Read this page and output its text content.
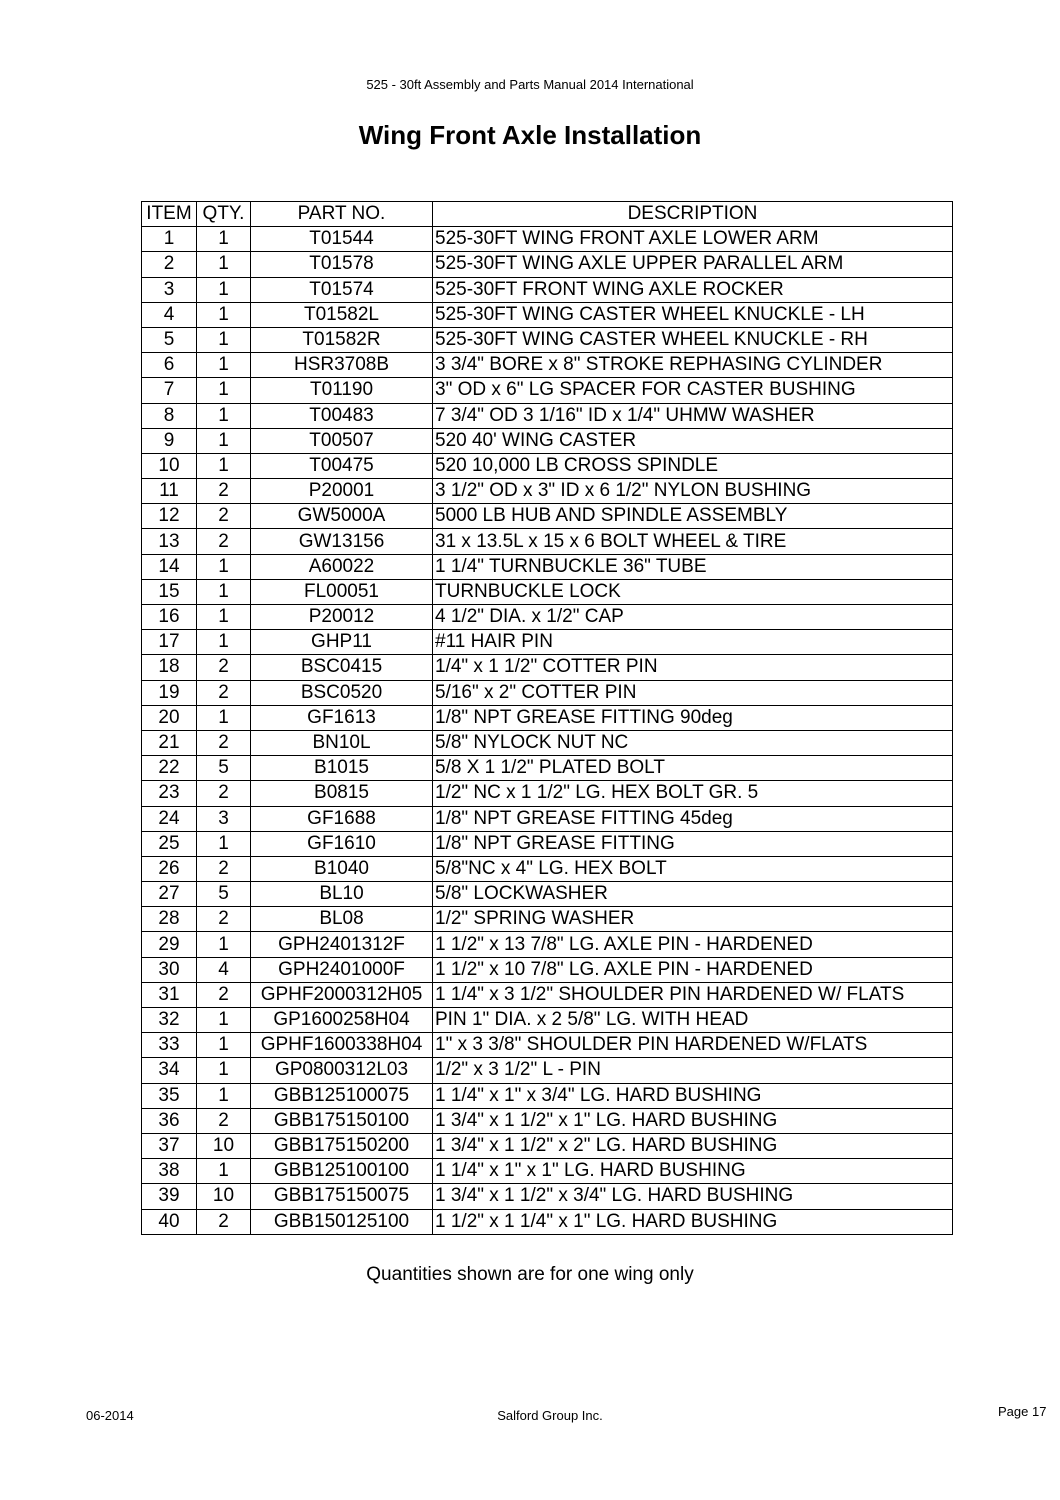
525 - 30ft Assembly and Parts Manual 2014 International
Wing Front Axle Installation
ITEM	QTY.	PART NO.	DESCRIPTION
1	1	T01544	525-30FT WING FRONT AXLE LOWER ARM
2	1	T01578	525-30FT WING AXLE UPPER PARALLEL ARM
3	1	T01574	525-30FT FRONT WING AXLE ROCKER
4	1	T01582L	525-30FT WING CASTER WHEEL KNUCKLE - LH
5	1	T01582R	525-30FT WING CASTER WHEEL KNUCKLE - RH
6	1	HSR3708B	3 3/4" BORE x 8" STROKE REPHASING CYLINDER
7	1	T01190	3" OD x 6" LG SPACER FOR CASTER BUSHING
8	1	T00483	7 3/4" OD 3 1/16" ID x 1/4" UHMW WASHER
9	1	T00507	520 40' WING CASTER
10	1	T00475	520 10,000 LB CROSS SPINDLE
11	2	P20001	3 1/2" OD x 3" ID x 6 1/2" NYLON BUSHING
12	2	GW5000A	5000 LB HUB AND SPINDLE ASSEMBLY
13	2	GW13156	31 x 13.5L x 15 x 6 BOLT WHEEL & TIRE
14	1	A60022	1 1/4" TURNBUCKLE 36" TUBE
15	1	FL00051	TURNBUCKLE LOCK
16	1	P20012	4 1/2" DIA. x 1/2" CAP
17	1	GHP11	#11 HAIR PIN
18	2	BSC0415	1/4" x 1 1/2" COTTER PIN
19	2	BSC0520	5/16" x 2" COTTER PIN
20	1	GF1613	1/8" NPT GREASE FITTING 90deg
21	2	BN10L	5/8" NYLOCK NUT NC
22	5	B1015	5/8 X 1 1/2" PLATED BOLT
23	2	B0815	1/2" NC x 1 1/2" LG. HEX BOLT GR. 5
24	3	GF1688	1/8" NPT GREASE FITTING 45deg
25	1	GF1610	1/8" NPT GREASE FITTING
26	2	B1040	5/8"NC x 4" LG. HEX BOLT
27	5	BL10	5/8" LOCKWASHER
28	2	BL08	1/2" SPRING WASHER
29	1	GPH2401312F	1 1/2" x 13 7/8" LG. AXLE PIN - HARDENED
30	4	GPH2401000F	1 1/2" x 10 7/8" LG. AXLE PIN - HARDENED
31	2	GPHF2000312H05	1 1/4" x 3 1/2" SHOULDER PIN HARDENED W/ FLATS
32	1	GP1600258H04	PIN 1" DIA. x 2 5/8" LG. WITH HEAD
33	1	GPHF1600338H04	1" x 3 3/8" SHOULDER PIN HARDENED W/FLATS
34	1	GP0800312L03	1/2" x 3 1/2" L - PIN
35	1	GBB125100075	1 1/4" x 1" x 3/4" LG. HARD BUSHING
36	2	GBB175150100	1 3/4" x 1 1/2" x 1" LG. HARD BUSHING
37	10	GBB175150200	1 3/4" x 1 1/2" x 2" LG. HARD BUSHING
38	1	GBB125100100	1 1/4" x 1" x 1" LG. HARD BUSHING
39	10	GBB175150075	1 3/4" x 1 1/2" x 3/4" LG. HARD BUSHING
40	2	GBB150125100	1 1/2" x 1 1/4" x 1" LG. HARD BUSHING
Quantities shown are for one wing only
06-2014	Salford Group Inc.	Page 17
